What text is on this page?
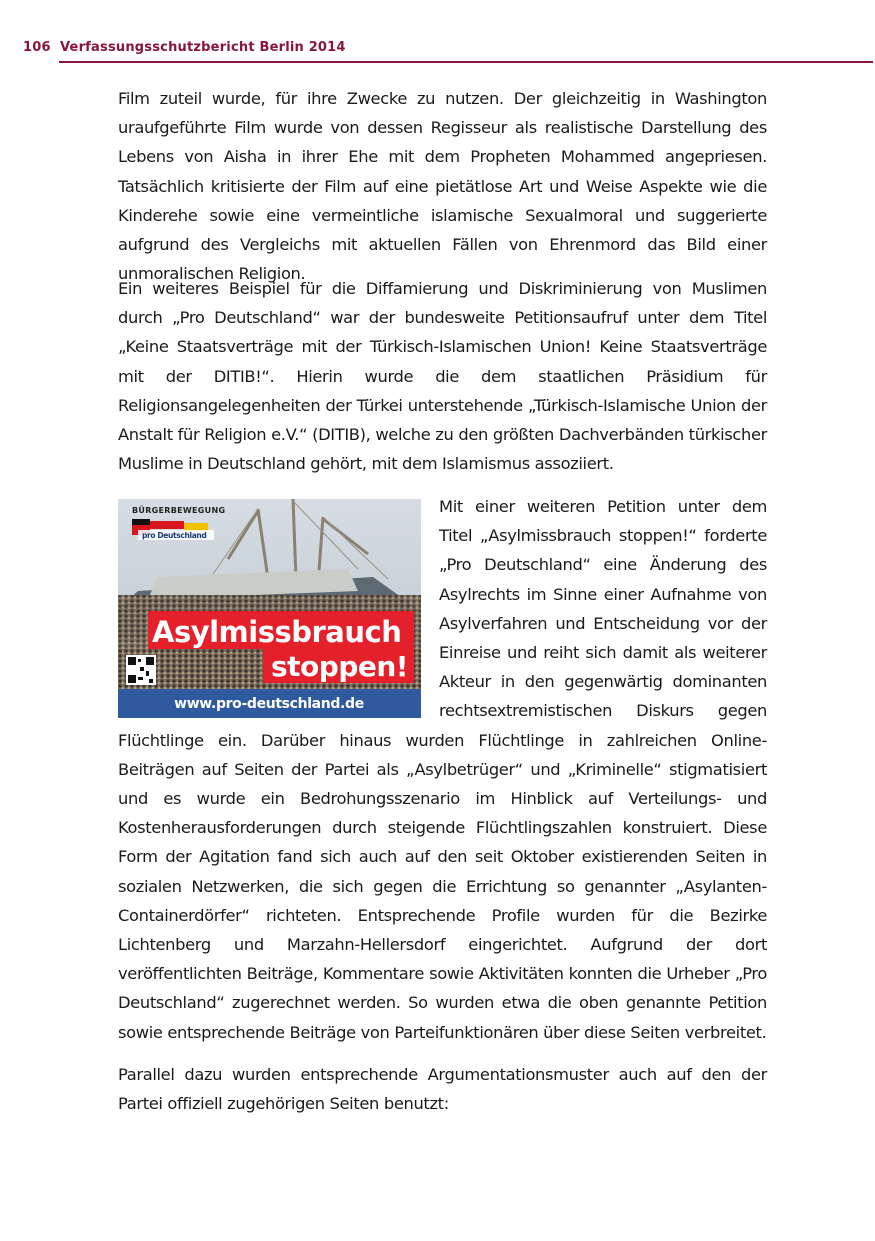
106 Verfassungsschutzbericht Berlin 2014

Film zuteil wurde, für ihre Zwecke zu nutzen. Der gleichzeitig in Washington uraufgeführte Film wurde von dessen Regisseur als realistische Darstellung des Lebens von Aisha in ihrer Ehe mit dem Propheten Mohammed angepriesen. Tatsächlich kritisierte der Film auf eine pietätlose Art und Weise Aspekte wie die Kinderehe sowie eine vermeintliche islamische Sexualmoral und suggerierte aufgrund des Vergleichs mit aktuellen Fällen von Ehrenmord das Bild einer unmoralischen Religion.

Ein weiteres Beispiel für die Diffamierung und Diskriminierung von Muslimen durch „Pro Deutschland“ war der bundesweite Petitionsaufruf unter dem Titel „Keine Staatsverträge mit der Türkisch-Islamischen Union! Keine Staatsverträge mit der DITIB!“. Hierin wurde die dem staatlichen Präsidium für Religionsangelegenheiten der Türkei unterstehende „Türkisch-Islamische Union der Anstalt für Religion e.V.“ (DITIB), welche zu den größten Dachverbänden türkischer Muslime in Deutschland gehört, mit dem Islamismus assoziiert.

BÜRGERBEWEGUNG
pro Deutschland
Asylmissbrauch
stoppen!
www.pro-deutschland.de

Mit einer weiteren Petition unter dem Titel „Asylmissbrauch stoppen!“ forderte „Pro Deutschland“ eine Änderung des Asylrechts im Sinne einer Aufnahme von Asylverfahren und Entscheidung vor der Einreise und reiht sich damit als weiterer Akteur in den gegenwärtig dominanten rechtsextremistischen Diskurs gegen Flüchtlinge ein. Darüber hinaus wurden Flüchtlinge in zahlreichen Online-Beiträgen auf Seiten der Partei als „Asylbetrüger“ und „Kriminelle“ stigmatisiert und es wurde ein Bedrohungsszenario im Hinblick auf Verteilungs- und Kostenherausforderungen durch steigende Flüchtlingszahlen konstruiert. Diese Form der Agitation fand sich auch auf den seit Oktober existierenden Seiten in sozialen Netzwerken, die sich gegen die Errichtung so genannter „Asylanten-Containerdörfer“ richteten. Entsprechende Profile wurden für die Bezirke Lichtenberg und Marzahn-Hellersdorf eingerichtet. Aufgrund der dort veröffentlichten Beiträge, Kommentare sowie Aktivitäten konnten die Urheber „Pro Deutschland“ zugerechnet werden. So wurden etwa die oben genannte Petition sowie entsprechende Beiträge von Parteifunktionären über diese Seiten verbreitet.

Parallel dazu wurden entsprechende Argumentationsmuster auch auf den der Partei offiziell zugehörigen Seiten benutzt:
